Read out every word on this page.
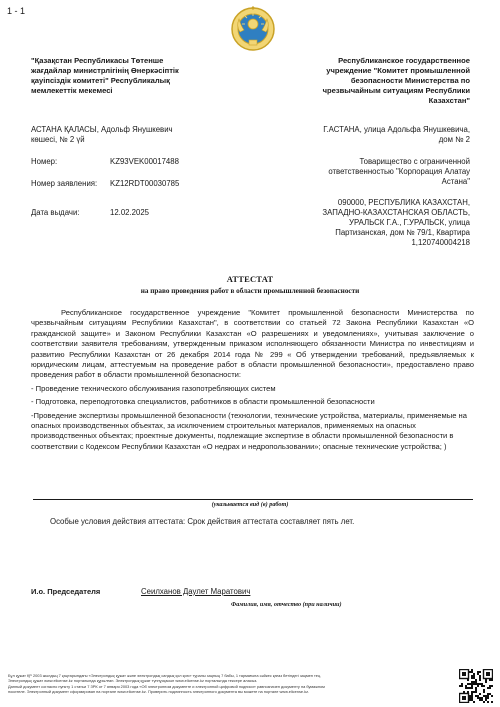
1 - 1
"Қазақстан Республикасы Төтенше
жағдайлар министрлігінің Өнеркәсіптік
қауіпсіздік комитеті" Республикалық
мемлекеттік мекемесі
Республиканское государственное
учреждение "Комитет промышленной
безопасности Министерства по
чрезвычайным ситуациям Республики
Казахстан"
АСТАНА ҚАЛАСЫ, Адольф Янушкевич
көшесі, № 2 үй
Г.АСТАНА, улица Адольфа Янушкевича,
дом № 2
Номер:	KZ93VEK00017488
Номер заявления: KZ12RDT00030785
Дата выдачи:	12.02.2025
Товарищество с ограниченной
ответственностью "Корпорация Алатау
Астана"
090000, РЕСПУБЛИКА КАЗАХСТАН,
ЗАПАДНО-КАЗАХСТАНСКАЯ ОБЛАСТЬ,
УРАЛЬСК Г.А., Г.УРАЛЬСК, улица
Партизанская, дом № 79/1, Квартира
1,120740004218
АТТЕСТАТ
на право проведения работ в области промышленной безопасности

Республиканское государственное учреждение "Комитет промышленной безопасности Министерства по чрезвычайным ситуациям Республики Казахстан", в соответствии со статьей 72 Закона Республики Казахстан «О гражданской защите» и Законом Республики Казахстан «О разрешениях и уведомлениях», учитывая заключение о соответствии заявителя требованиям, утвержденным приказом исполняющего обязанности Министра по инвестициям и развитию Республики Казахстан от 26 декабря 2014 года № 299 « Об утверждении требований, предъявляемых к юридическим лицам, аттестуемым на проведение работ в области промышленной безопасности», предоставлено право проведения работ в области промышленной безопасности:

- Проведение технического обслуживания газопотребляющих систем

- Подготовка, переподготовка специалистов, работников в области промышленной безопасности

-Проведение экспертизы промышленной безопасности (технологии, технические устройства, материалы, применяемые на опасных производственных объектах, за исключением строительных материалов, применяемых на опасных производственных объектах; проектные документы, подлежащие экспертизе в области промышленной безопасности в соответствии с Кодексом Республики Казахстан «О недрах и недропользовании»; опасные технические устройства; )

(указывается вид (в) работ)
Особые условия действия аттестата: Срок действия аттестата составляет пять лет.
И.о. Председателя	Сеилханов Даулет Маратович
Фамилия, имя, отчество (при наличии)
Бұл құжат ҚР 2003 жылдың 7 қаңтарындағы «Электрондық құжат және электрондық сандық қол қою» туралы заңның 7 бабы, 1 тармағына сәйкес қағаз бетіндегі заңмен тең.
Электрондық құжат www.elicense.kz порталында құрылған. Электрондық құжат түпнұсқасын www.elicense.kz порталында тексере аласыз.
Данный документ согласно пункту 1 статьи 7 ЗРК от 7 января 2003 года «Об электронном документе и электронной цифровой подписи» равнозначен документу на бумажном
носителе. Электронный документ сформирован на портале www.elicense.kz. Проверить подлинность электронного документа вы можете на портале www.elicense.kz.
